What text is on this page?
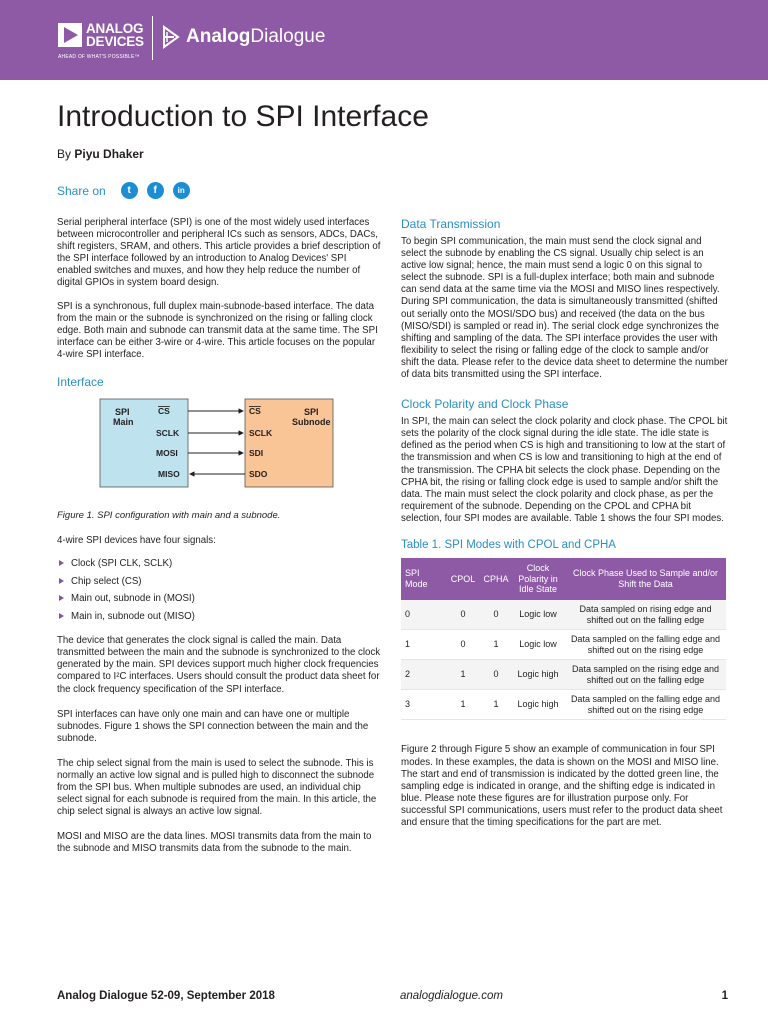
ANALOG
DEVICES
AHEAD OF WHAT'S POSSIBLE™
AnalogDialogue
Introduction to SPI Interface
By Piyu Dhaker
Share on	t	f	in

Serial peripheral interface (SPI) is one of the most widely used interfaces between microcontroller and peripheral ICs such as sensors, ADCs, DACs, shift registers, SRAM, and others. This article provides a brief description of the SPI interface followed by an introduction to Analog Devices' SPI enabled switches and muxes, and how they help reduce the number of digital GPIOs in system board design.

SPI is a synchronous, full duplex main-subnode-based interface. The data from the main or the subnode is synchronized on the rising or falling clock edge. Both main and subnode can transmit data at the same time. The SPI interface can be either 3-wire or 4-wire. This article focuses on the popular 4-wire SPI interface.

Interface
SPI
Main
SPI
Subnode
CS
SCLK
MOSI
MISO
CS
SCLK
SDI
SDO

Figure 1. SPI configuration with main and a subnode.

4-wire SPI devices have four signals:

Clock (SPI CLK, SCLK)
Chip select (CS)
Main out, subnode in (MOSI)
Main in, subnode out (MISO)

The device that generates the clock signal is called the main. Data transmitted between the main and the subnode is synchronized to the clock generated by the main. SPI devices support much higher clock frequencies compared to I²C interfaces. Users should consult the product data sheet for the clock frequency specification of the SPI interface.

SPI interfaces can have only one main and can have one or multiple subnodes. Figure 1 shows the SPI connection between the main and the subnode.

The chip select signal from the main is used to select the subnode. This is normally an active low signal and is pulled high to disconnect the subnode from the SPI bus. When multiple subnodes are used, an individual chip select signal for each subnode is required from the main. In this article, the chip select signal is always an active low signal.

MOSI and MISO are the data lines. MOSI transmits data from the main to the subnode and MISO transmits data from the subnode to the main.

Data Transmission

To begin SPI communication, the main must send the clock signal and select the subnode by enabling the CS signal. Usually chip select is an active low signal; hence, the main must send a logic 0 on this signal to select the subnode. SPI is a full-duplex interface; both main and subnode can send data at the same time via the MOSI and MISO lines respectively. During SPI communication, the data is simultaneously transmitted (shifted out serially onto the MOSI/SDO bus) and received (the data on the bus (MISO/SDI) is sampled or read in). The serial clock edge synchronizes the shifting and sampling of the data. The SPI interface provides the user with flexibility to select the rising or falling edge of the clock to sample and/or shift the data. Please refer to the device data sheet to determine the number of data bits transmitted using the SPI interface.

Clock Polarity and Clock Phase

In SPI, the main can select the clock polarity and clock phase. The CPOL bit sets the polarity of the clock signal during the idle state. The idle state is defined as the period when CS is high and transitioning to low at the start of the transmission and when CS is low and transitioning to high at the end of the transmission. The CPHA bit selects the clock phase. Depending on the CPHA bit, the rising or falling clock edge is used to sample and/or shift the data. The main must select the clock polarity and clock phase, as per the requirement of the subnode. Depending on the CPOL and CPHA bit selection, four SPI modes are available. Table 1 shows the four SPI modes.

Table 1. SPI Modes with CPOL and CPHA
SPI Mode	CPOL	CPHA	Clock Polarity in Idle State	Clock Phase Used to Sample and/or Shift the Data
0	0	0	Logic low	Data sampled on rising edge and shifted out on the falling edge
1	0	1	Logic low	Data sampled on the falling edge and shifted out on the rising edge
2	1	0	Logic high	Data sampled on the rising edge and shifted out on the falling edge
3	1	1	Logic high	Data sampled on the falling edge and shifted out on the rising edge

Figure 2 through Figure 5 show an example of communication in four SPI modes. In these examples, the data is shown on the MOSI and MISO line. The start and end of transmission is indicated by the dotted green line, the sampling edge is indicated in orange, and the shifting edge is indicated in blue. Please note these figures are for illustration purpose only. For successful SPI communications, users must refer to the product data sheet and ensure that the timing specifications for the part are met.

Analog Dialogue 52-09, September 2018	analogdialogue.com	1
